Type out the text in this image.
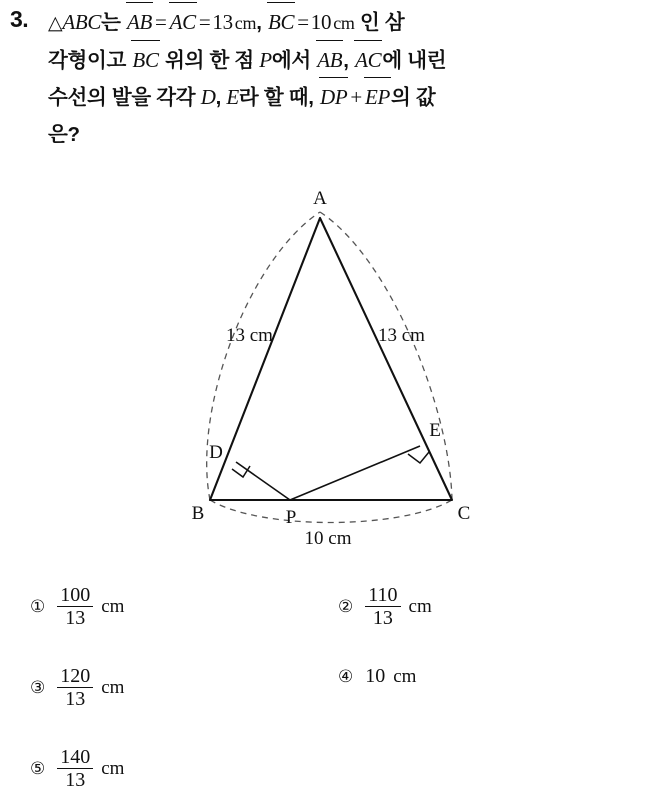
3. △ABC는 AB = AC =13 cm, BC =10 cm 인 삼
각형이고 BC 위의 한 점 P에서 AB, AC에 내린
수선의 발을 각각 D, E라 할 때, DP + EP의 값
은?
A
B	C
D
E
P
13 cm	13 cm
10 cm
① $\frac{100}{13}$ cm	② $\frac{110}{13}$ cm
③ $\frac{120}{13}$ cm
④ 10 cm
⑤ $\frac{140}{13}$ cm
